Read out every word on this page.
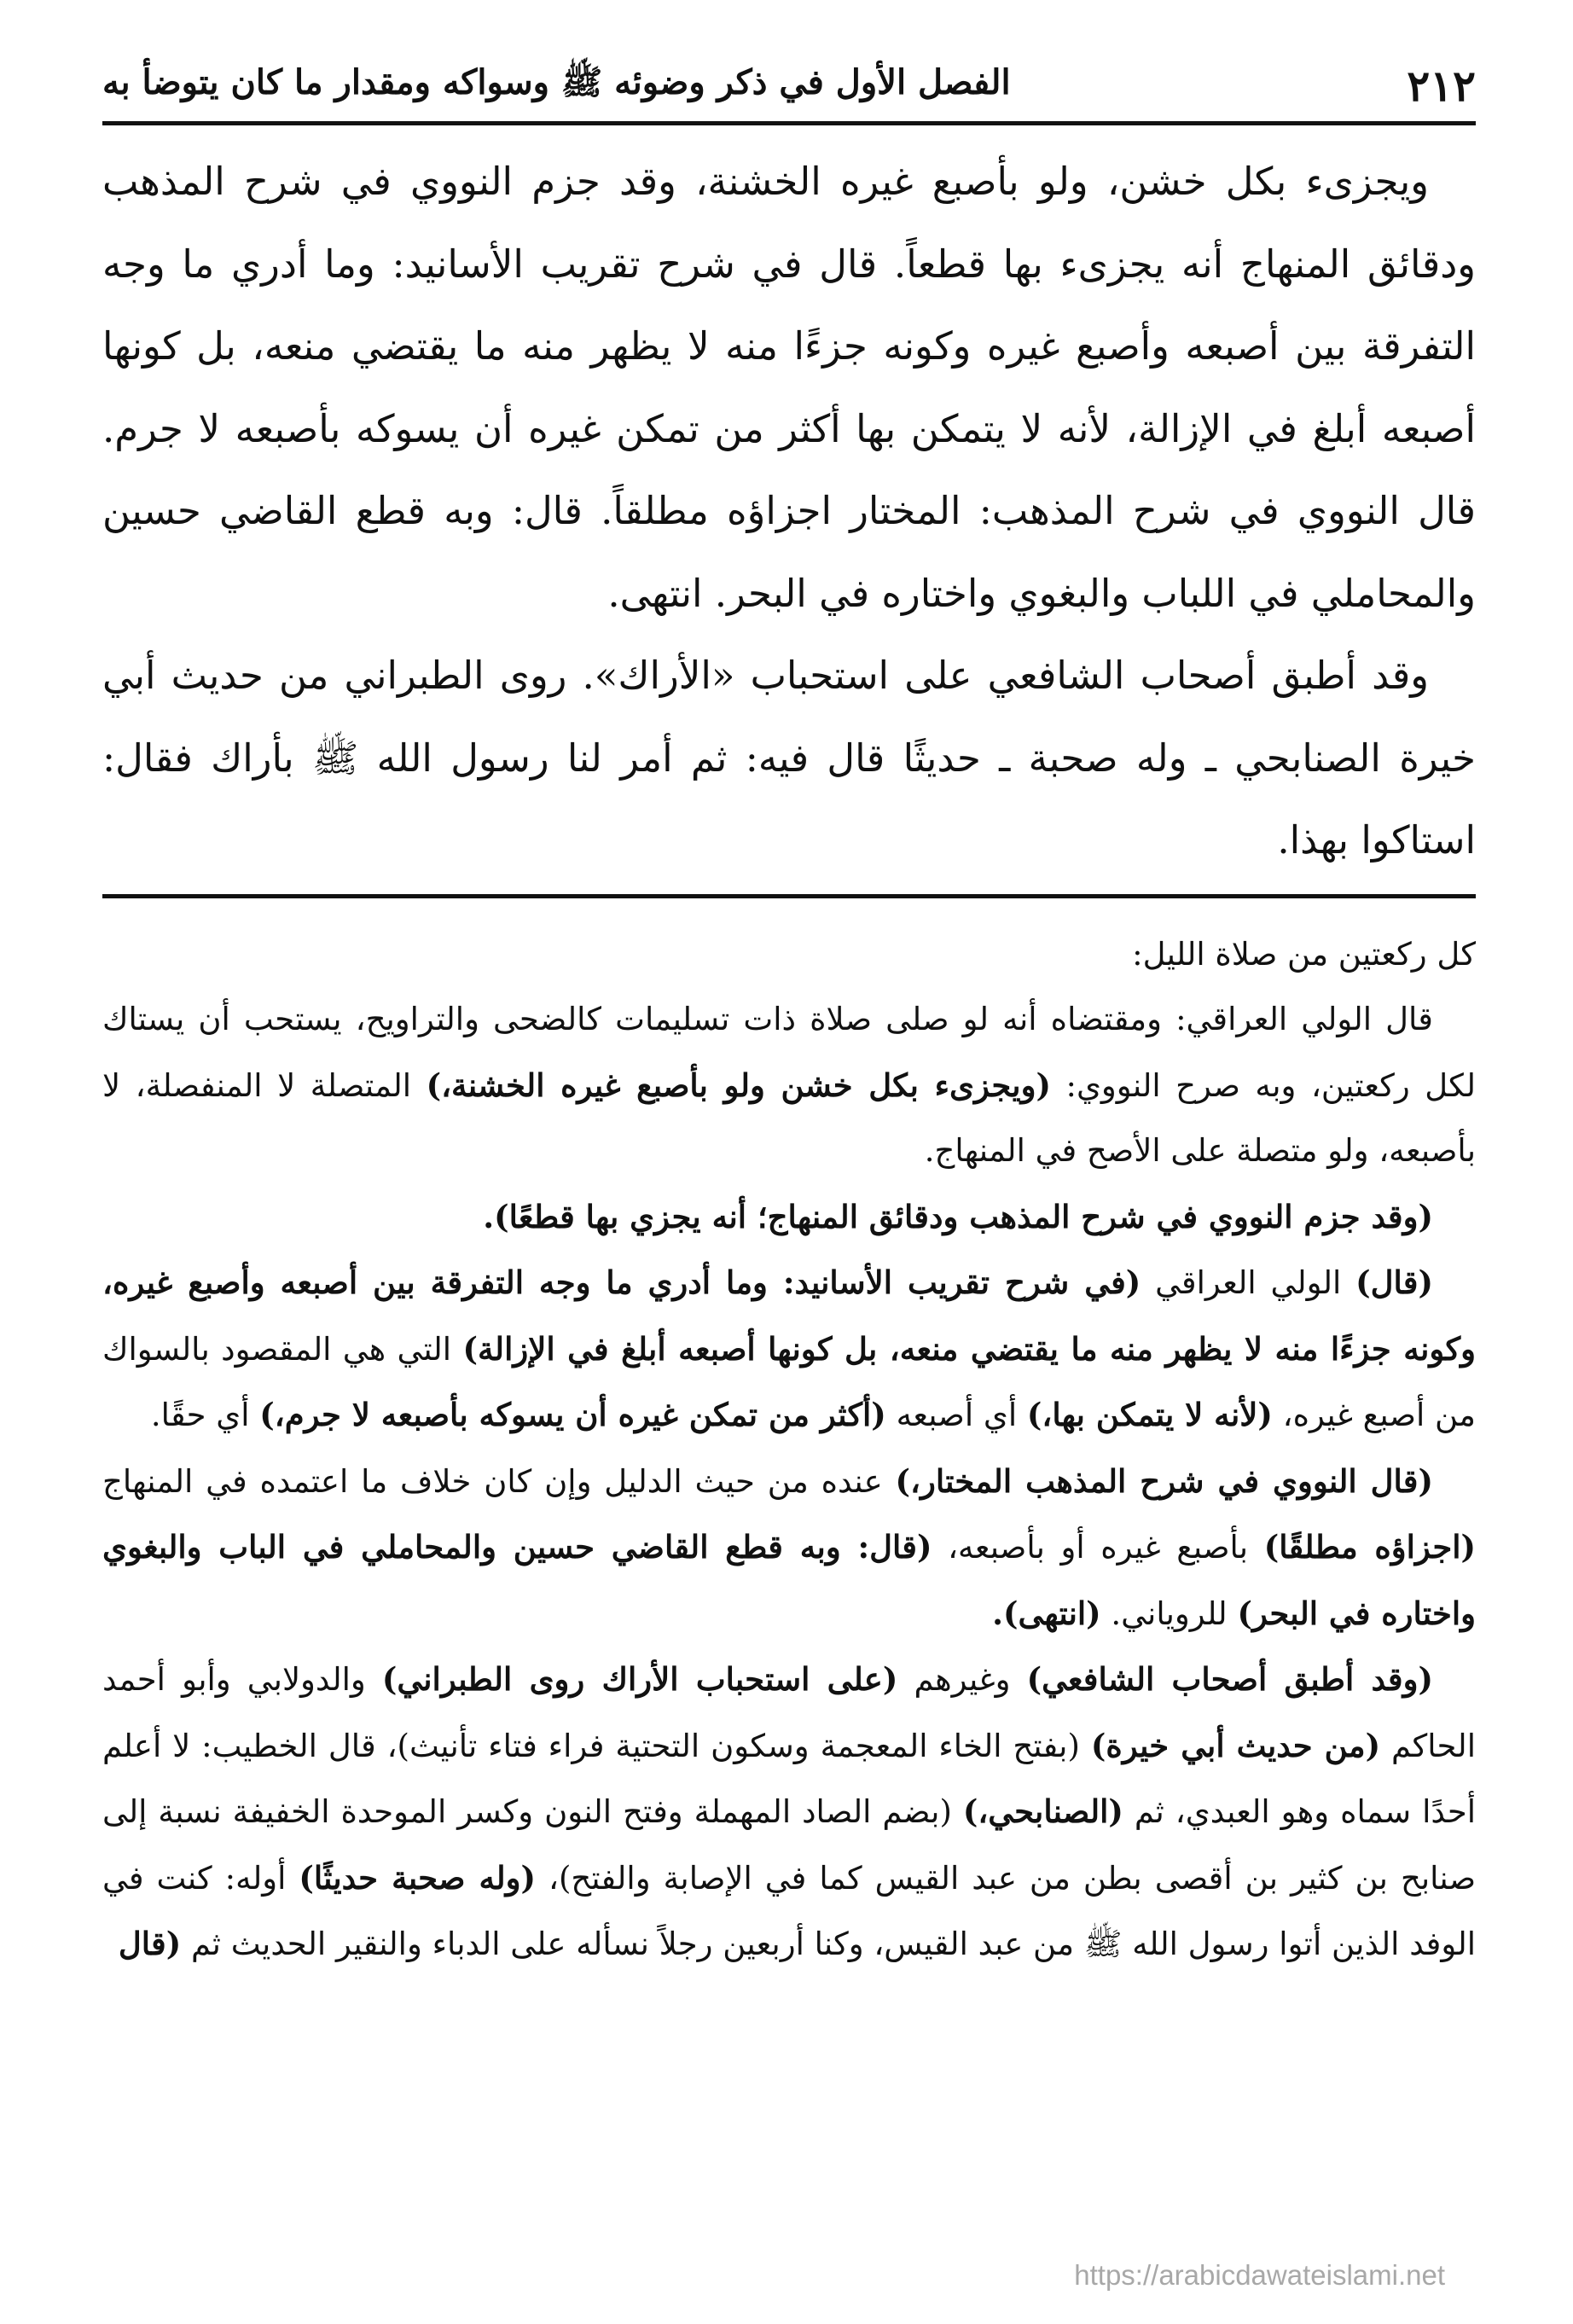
٢١٢
الفصل الأول في ذكر وضوئه ﷺ وسواكه ومقدار ما كان يتوضأ به

ويجزىء بكل خشن، ولو بأصبع غيره الخشنة، وقد جزم النووي في شرح المذهب ودقائق المنهاج أنه يجزىء بها قطعاً. قال في شرح تقريب الأسانيد: وما أدري ما وجه التفرقة بين أصبعه وأصبع غيره وكونه جزءًا منه لا يظهر منه ما يقتضي منعه، بل كونها أصبعه أبلغ في الإزالة، لأنه لا يتمكن بها أكثر من تمكن غيره أن يسوكه بأصبعه لا جرم. قال النووي في شرح المذهب: المختار اجزاؤه مطلقاً. قال: وبه قطع القاضي حسين والمحاملي في اللباب والبغوي واختاره في البحر. انتهى.

وقد أطبق أصحاب الشافعي على استحباب «الأراك». روى الطبراني من حديث أبي خيرة الصنابحي ـ وله صحبة ـ حديثًا قال فيه: ثم أمر لنا رسول الله ﷺ بأراك فقال: استاكوا بهذا.

كل ركعتين من صلاة الليل:

قال الولي العراقي: ومقتضاه أنه لو صلى صلاة ذات تسليمات كالضحى والتراويح، يستحب أن يستاك لكل ركعتين، وبه صرح النووي: (ويجزىء بكل خشن ولو بأصبع غيره الخشنة،) المتصلة لا المنفصلة، لا بأصبعه، ولو متصلة على الأصح في المنهاج.

(وقد جزم النووي في شرح المذهب ودقائق المنهاج؛ أنه يجزي بها قطعًا).

(قال) الولي العراقي (في شرح تقريب الأسانيد: وما أدري ما وجه التفرقة بين أصبعه وأصبع غيره، وكونه جزءًا منه لا يظهر منه ما يقتضي منعه، بل كونها أصبعه أبلغ في الإزالة) التي هي المقصود بالسواك من أصبع غيره، (لأنه لا يتمكن بها،) أي أصبعه (أكثر من تمكن غيره أن يسوكه بأصبعه لا جرم،) أي حقًا.

(قال النووي في شرح المذهب المختار،) عنده من حيث الدليل وإن كان خلاف ما اعتمده في المنهاج (اجزاؤه مطلقًا) بأصبع غيره أو بأصبعه، (قال: وبه قطع القاضي حسين والمحاملي في الباب والبغوي واختاره في البحر) للروياني. (انتهى).

(وقد أطبق أصحاب الشافعي) وغيرهم (على استحباب الأراك روى الطبراني) والدولابي وأبو أحمد الحاكم (من حديث أبي خيرة) (بفتح الخاء المعجمة وسكون التحتية فراء فتاء تأنيث)، قال الخطيب: لا أعلم أحدًا سماه وهو العبدي، ثم (الصنابحي،) (بضم الصاد المهملة وفتح النون وكسر الموحدة الخفيفة نسبة إلى صنابح بن كثير بن أقصى بطن من عبد القيس كما في الإصابة والفتح)، (وله صحبة حديثًا) أوله: كنت في الوفد الذين أتوا رسول الله ﷺ من عبد القيس، وكنا أربعين رجلاً نسأله على الدباء والنقير الحديث ثم (قال

https://arabicdawateislami.net
